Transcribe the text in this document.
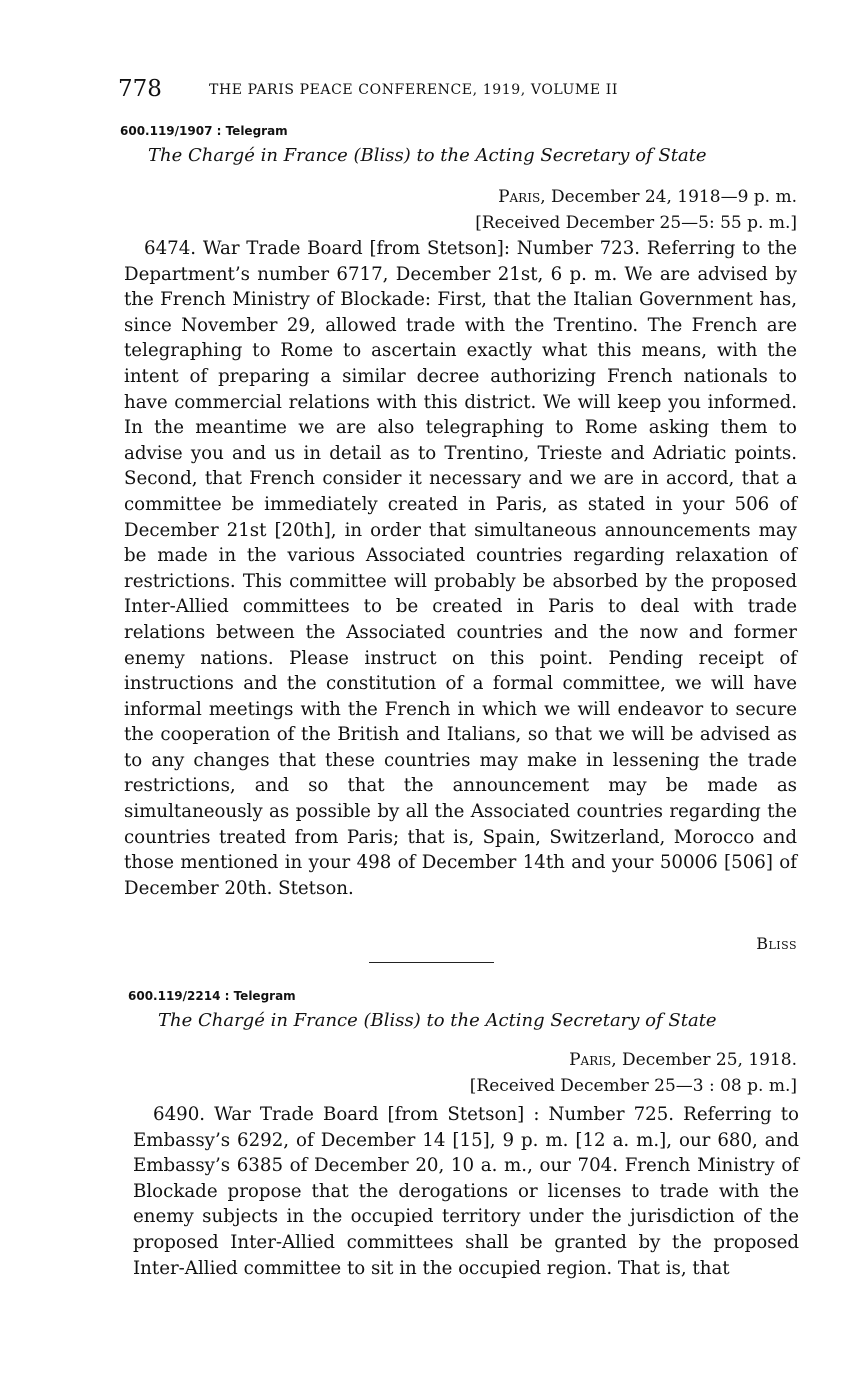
778	THE PARIS PEACE CONFERENCE, 1919, VOLUME II
600.119/1907 : Telegram
The Chargé in France (Bliss) to the Acting Secretary of State
Paris, December 24, 1918—9 p. m.
[Received December 25—5: 55 p. m.]

6474. War Trade Board [from Stetson]: Number 723. Referring to the Department’s number 6717, December 21st, 6 p. m. We are advised by the French Ministry of Blockade: First, that the Italian Government has, since November 29, allowed trade with the Trentino. The French are telegraphing to Rome to ascertain exactly what this means, with the intent of preparing a similar decree authorizing French nationals to have commercial relations with this district. We will keep you informed. In the meantime we are also telegraphing to Rome asking them to advise you and us in detail as to Trentino, Trieste and Adriatic points. Second, that French consider it necessary and we are in accord, that a committee be immediately created in Paris, as stated in your 506 of December 21st [20th], in order that simultaneous announcements may be made in the various Associated countries regarding relaxation of restrictions. This committee will probably be absorbed by the proposed Inter-Allied committees to be created in Paris to deal with trade relations between the Associated countries and the now and former enemy nations. Please instruct on this point. Pending receipt of instructions and the constitution of a formal committee, we will have informal meetings with the French in which we will endeavor to secure the cooperation of the British and Italians, so that we will be advised as to any changes that these countries may make in lessening the trade restrictions, and so that the announcement may be made as simultaneously as possible by all the Associated countries regarding the countries treated from Paris; that is, Spain, Switzerland, Morocco and those mentioned in your 498 of December 14th and your 50006 [506] of December 20th. Stetson.

Bliss
600.119/2214 : Telegram
The Chargé in France (Bliss) to the Acting Secretary of State
Paris, December 25, 1918.
[Received December 25—3 : 08 p. m.]

6490. War Trade Board [from Stetson] : Number 725. Referring to Embassy’s 6292, of December 14 [15], 9 p. m. [12 a. m.], our 680, and Embassy’s 6385 of December 20, 10 a. m., our 704. French Ministry of Blockade propose that the derogations or licenses to trade with the enemy subjects in the occupied territory under the jurisdiction of the proposed Inter-Allied committees shall be granted by the proposed Inter-Allied committee to sit in the occupied region. That is, that
